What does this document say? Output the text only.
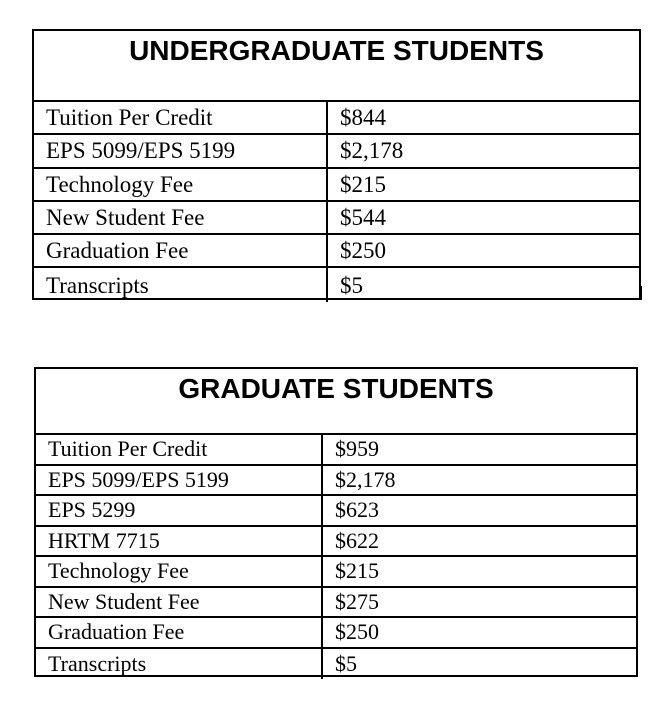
UNDERGRADUATE STUDENTS
Tuition Per Credit	$844
EPS 5099/EPS 5199	$2,178
Technology Fee	$215
New Student Fee	$544
Graduation Fee	$250
Transcripts	$5
GRADUATE STUDENTS
Tuition Per Credit	$959
EPS 5099/EPS 5199	$2,178
EPS 5299	$623
HRTM 7715	$622
Technology Fee	$215
New Student Fee	$275
Graduation Fee	$250
Transcripts	$5
